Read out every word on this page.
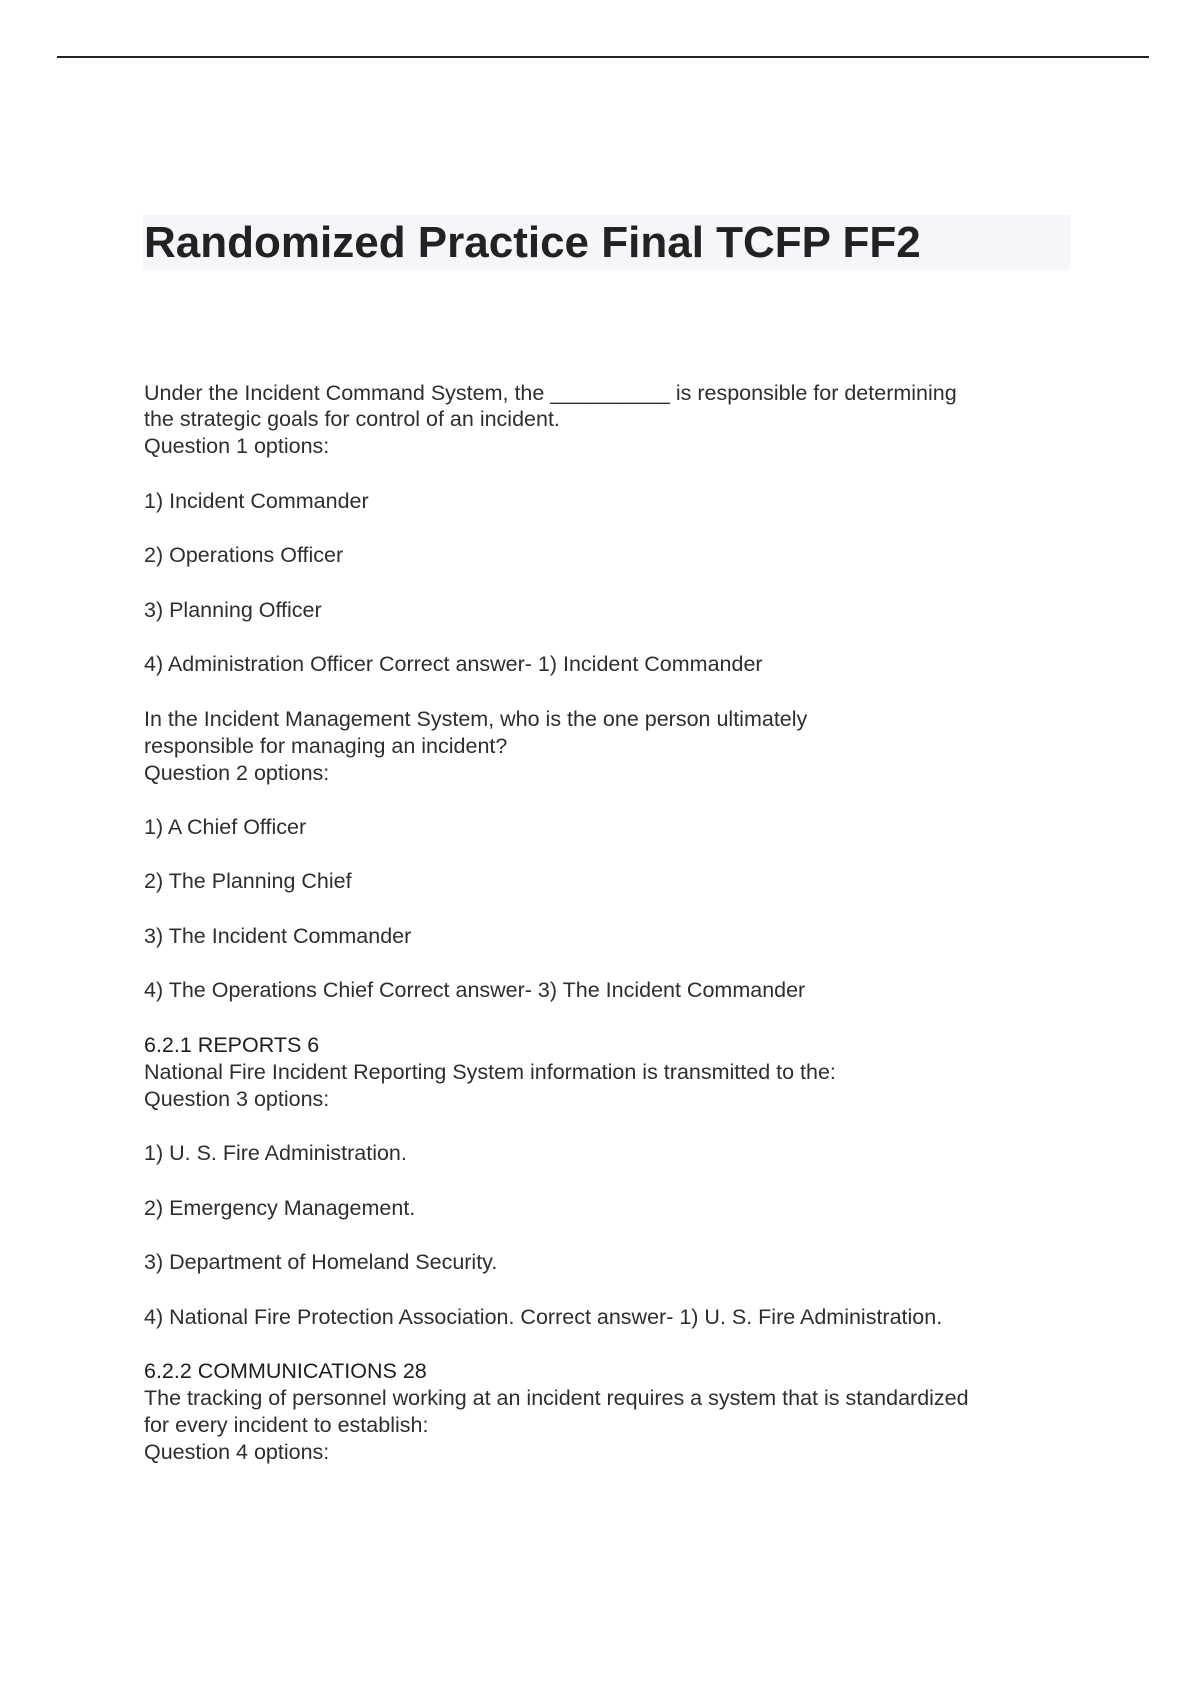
Randomized Practice Final TCFP FF2

Under the Incident Command System, the __________ is responsible for determining

the strategic goals for control of an incident.

Question 1 options:

1) Incident Commander

2) Operations Officer

3) Planning Officer

4) Administration Officer Correct answer- 1) Incident Commander

In the Incident Management System, who is the one person ultimately

responsible for managing an incident?

Question 2 options:

1) A Chief Officer

2) The Planning Chief

3) The Incident Commander

4) The Operations Chief Correct answer- 3) The Incident Commander

6.2.1 REPORTS 6

National Fire Incident Reporting System information is transmitted to the:

Question 3 options:

1) U. S. Fire Administration.

2) Emergency Management.

3) Department of Homeland Security.

4) National Fire Protection Association. Correct answer- 1) U. S. Fire Administration.

6.2.2 COMMUNICATIONS 28

The tracking of personnel working at an incident requires a system that is standardized

for every incident to establish:

Question 4 options:
